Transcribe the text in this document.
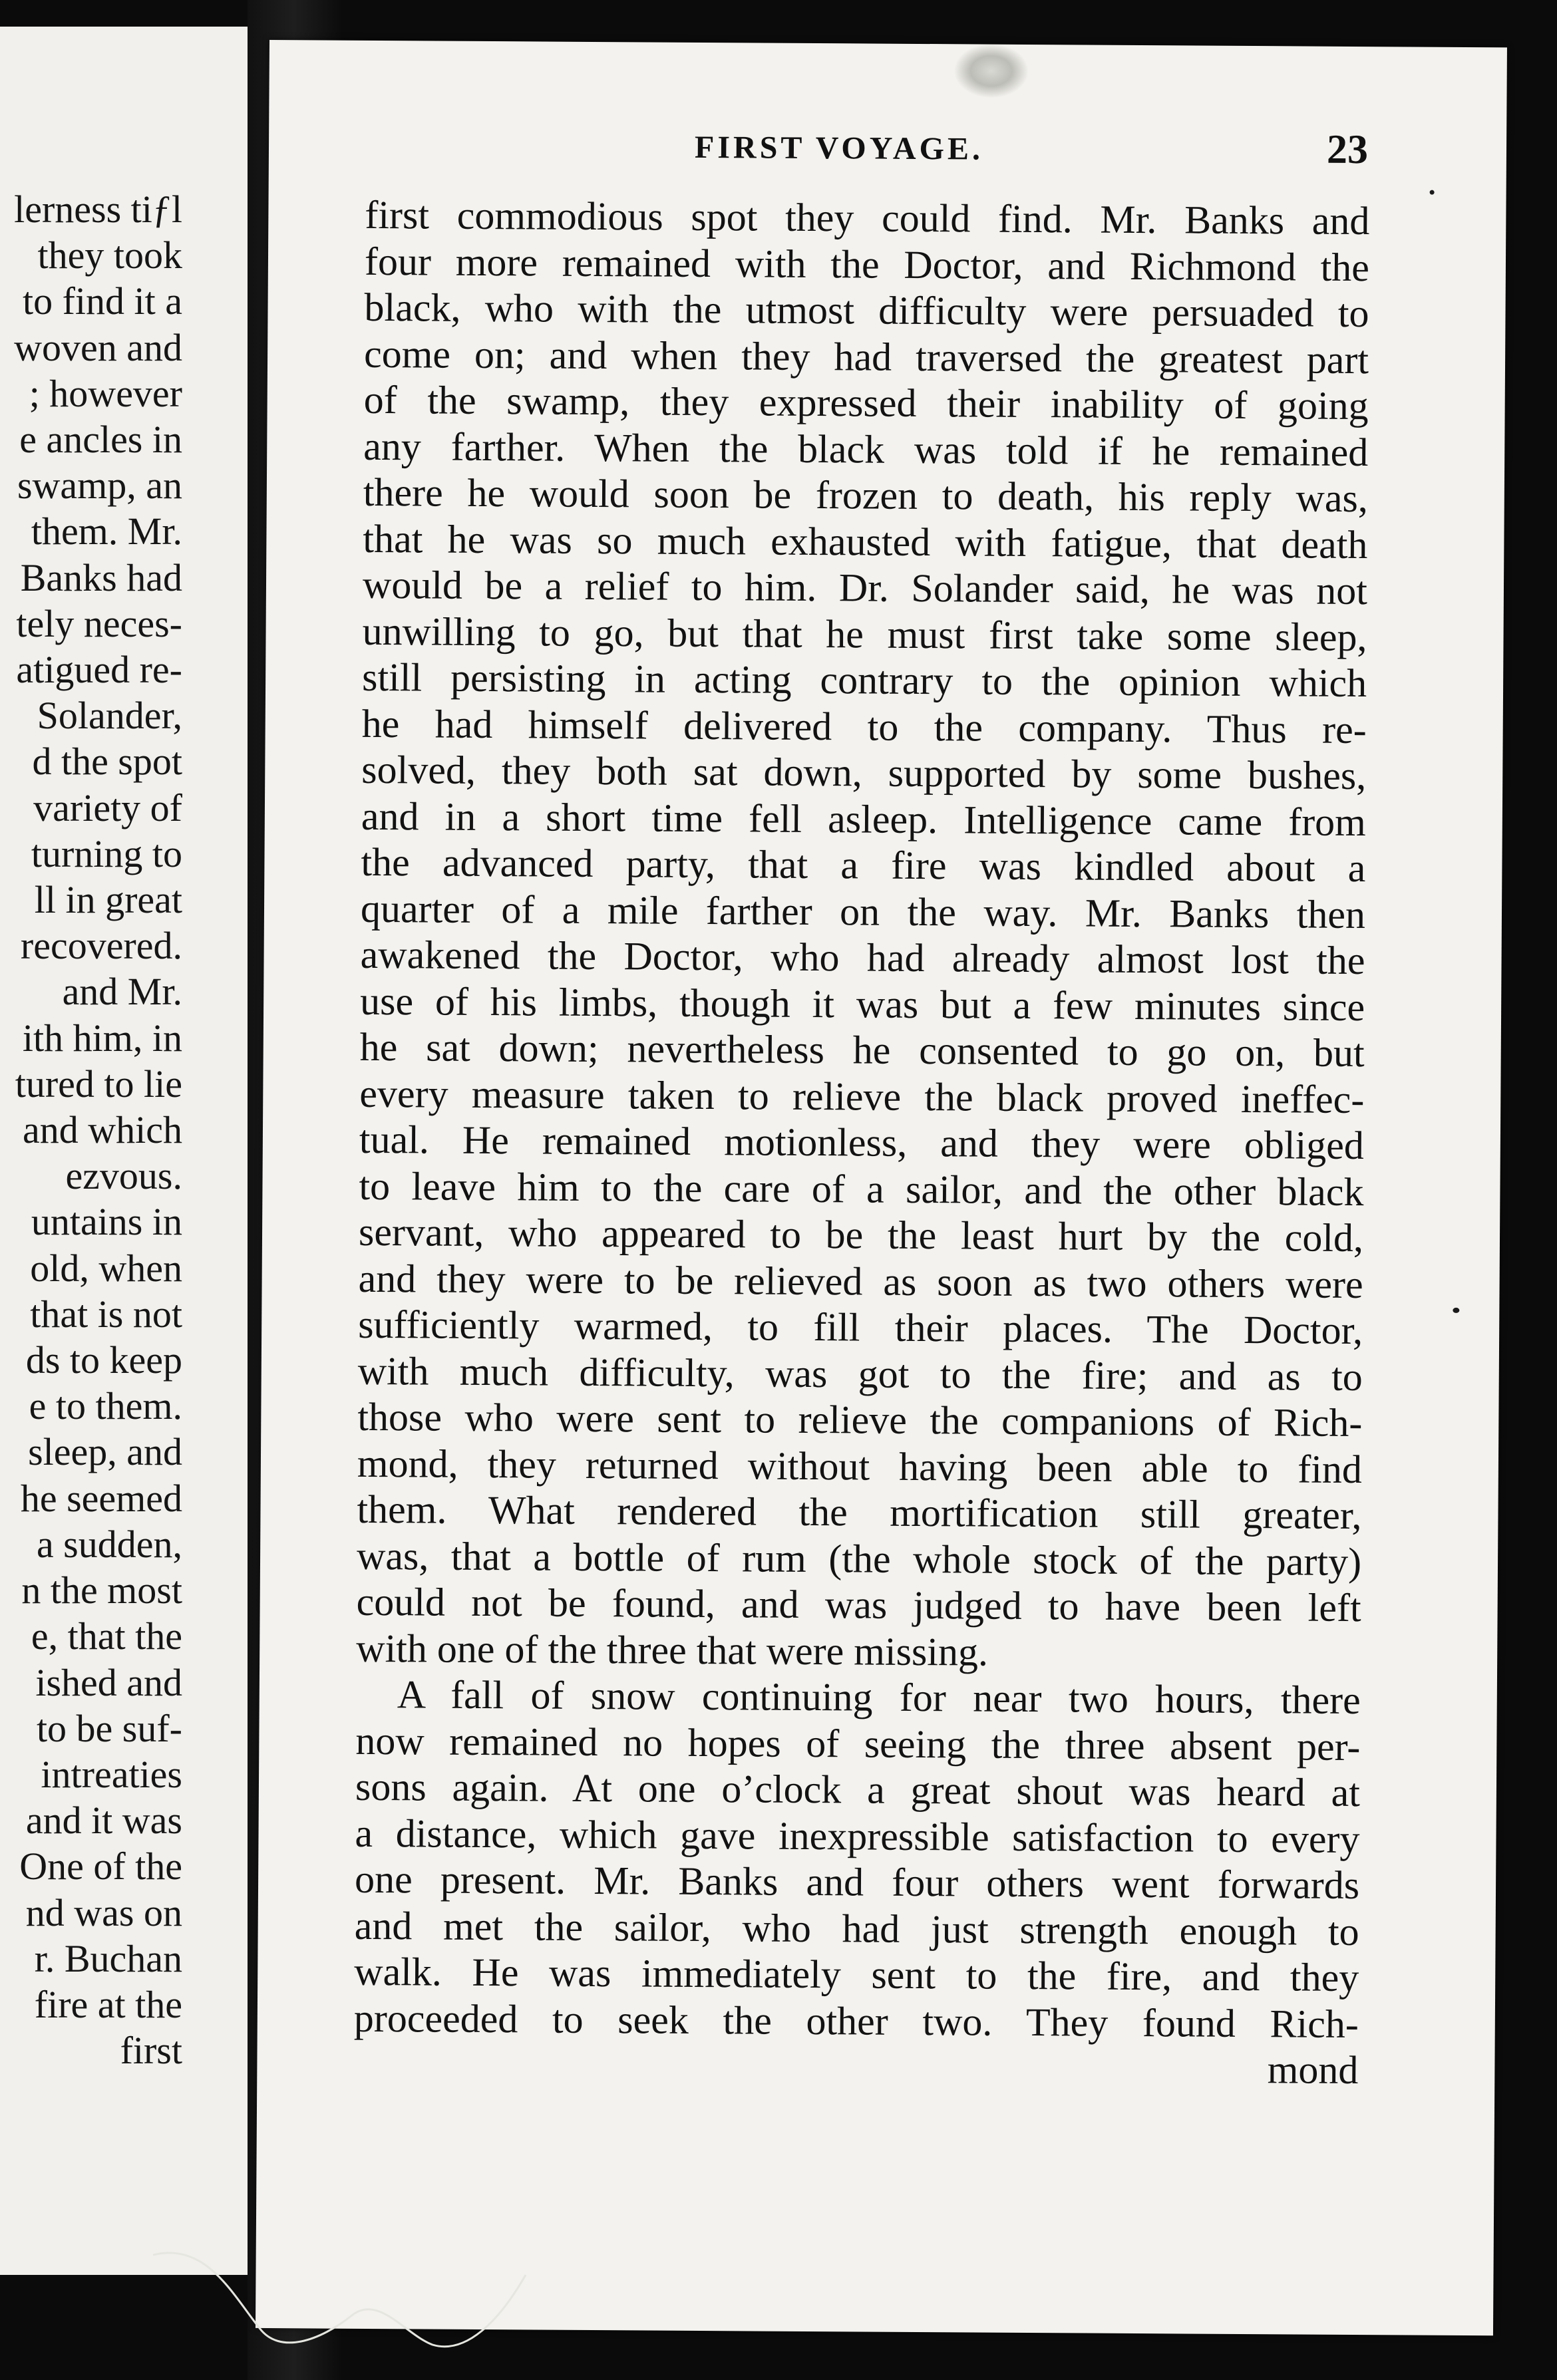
lerness tiƒl
they took
to find it a
woven and
; however
e ancles in
swamp, an
them. Mr.
Banks had
tely neces-
atigued re-
Solander,
d the spot
variety of
turning to
ll in great
recovered.
and Mr.
ith him, in
tured to lie
and which
ezvous.
untains in
old, when
that is not
ds to keep
e to them.
sleep, and
he seemed
a sudden,
n the most
e, that the
ished and
to be suf-
intreaties
and it was
One of the
nd was on
r. Buchan
fire at the
first
FIRST VOYAGE.	23
first commodious spot they could find. Mr. Banks and
four more remained with the Doctor, and Richmond the
black, who with the utmost difficulty were persuaded to
come on; and when they had traversed the greatest part
of the swamp, they expressed their inability of going
any farther. When the black was told if he remained
there he would soon be frozen to death, his reply was,
that he was so much exhausted with fatigue, that death
would be a relief to him. Dr. Solander said, he was not
unwilling to go, but that he must first take some sleep,
still persisting in acting contrary to the opinion which
he had himself delivered to the company. Thus re-
solved, they both sat down, supported by some bushes,
and in a short time fell asleep. Intelligence came from
the advanced party, that a fire was kindled about a
quarter of a mile farther on the way. Mr. Banks then
awakened the Doctor, who had already almost lost the
use of his limbs, though it was but a few minutes since
he sat down; nevertheless he consented to go on, but
every measure taken to relieve the black proved ineffec-
tual. He remained motionless, and they were obliged
to leave him to the care of a sailor, and the other black
servant, who appeared to be the least hurt by the cold,
and they were to be relieved as soon as two others were
sufficiently warmed, to fill their places. The Doctor,
with much difficulty, was got to the fire; and as to
those who were sent to relieve the companions of Rich-
mond, they returned without having been able to find
them. What rendered the mortification still greater,
was, that a bottle of rum (the whole stock of the party)
could not be found, and was judged to have been left
with one of the three that were missing.
A fall of snow continuing for near two hours, there
now remained no hopes of seeing the three absent per-
sons again. At one o’clock a great shout was heard at
a distance, which gave inexpressible satisfaction to every
one present. Mr. Banks and four others went forwards
and met the sailor, who had just strength enough to
walk. He was immediately sent to the fire, and they
proceeded to seek the other two. They found Rich-
mond
